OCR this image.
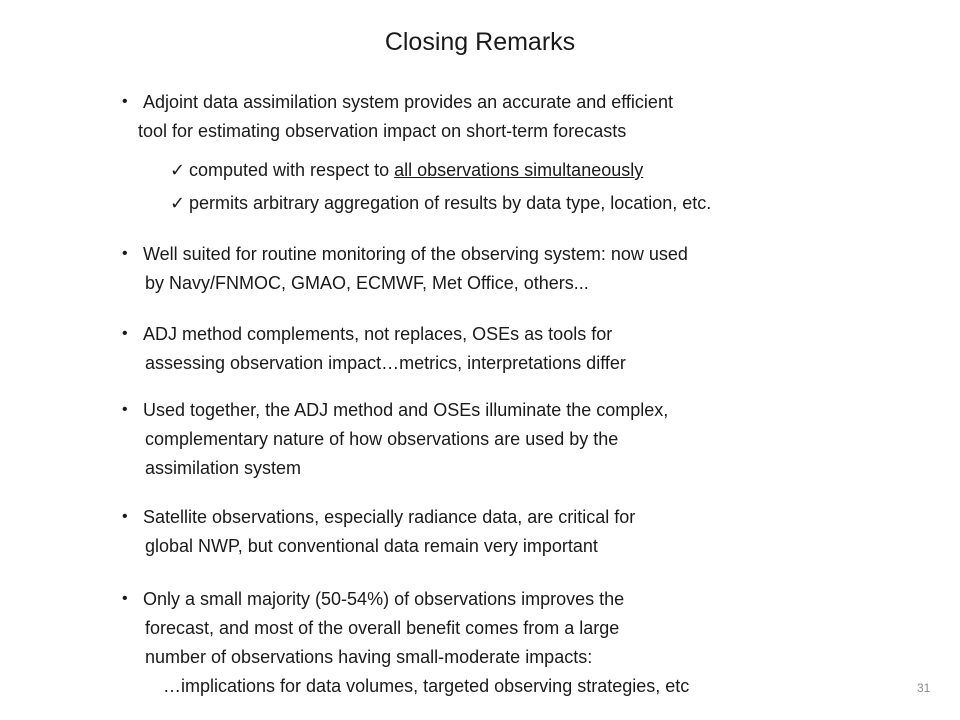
Closing Remarks
• Adjoint data assimilation system provides an accurate and efficient
tool for estimating observation impact on short-term forecasts
✓ computed with respect to all observations simultaneously
✓ permits arbitrary aggregation of results by data type, location, etc.
• Well suited for routine monitoring of the observing system: now used
by Navy/FNMOC, GMAO, ECMWF, Met Office, others...
• ADJ method complements, not replaces, OSEs as tools for
assessing observation impact…metrics, interpretations differ
• Used together, the ADJ method and OSEs illuminate the complex,
complementary nature of how observations are used by the
assimilation system
• Satellite observations, especially radiance data, are critical for
global NWP, but conventional data remain very important
• Only a small majority (50-54%) of observations improves the
forecast, and most of the overall benefit comes from a large
number of observations having small-moderate impacts:
…implications for data volumes, targeted observing strategies, etc	31
